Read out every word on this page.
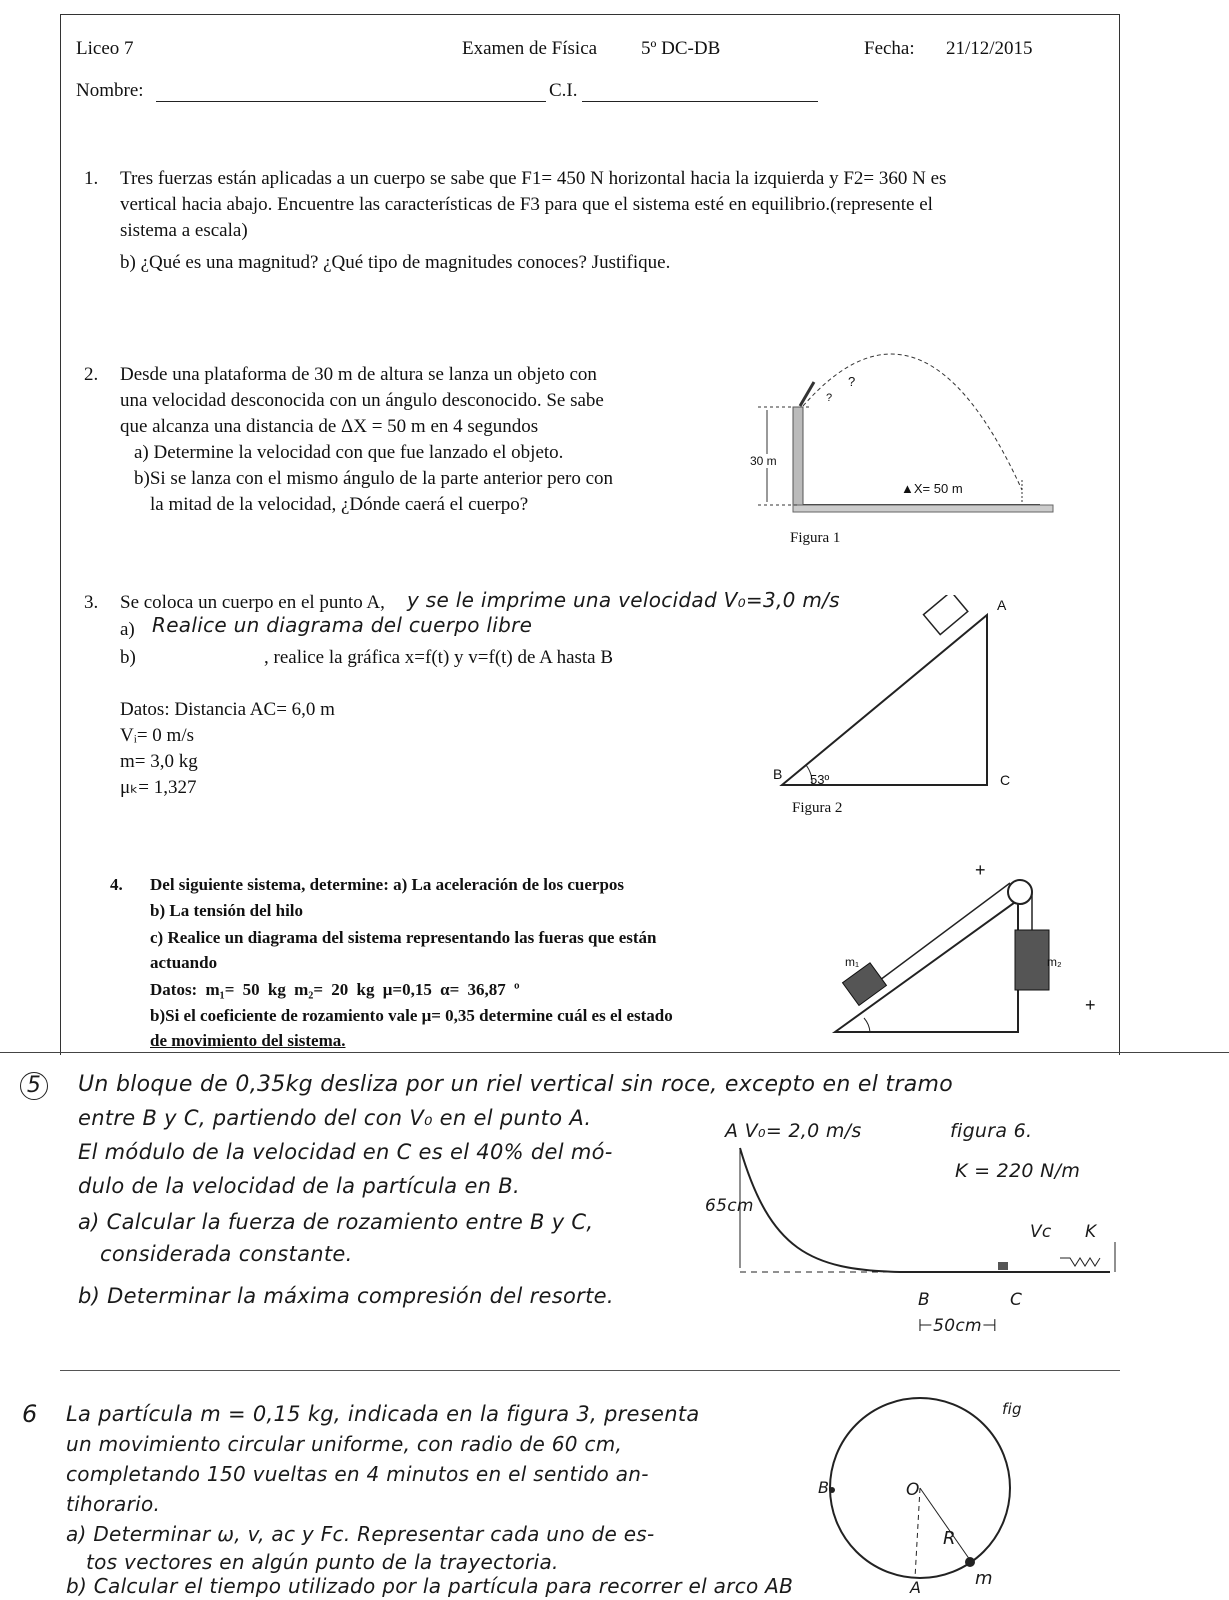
Liceo 7	Examen de Física 5º DC-DB	Fecha: 21/12/2015
Nombre:	C.I.
1. Tres fuerzas están aplicadas a un cuerpo se sabe que F1= 450 N horizontal hacia la izquierda y F2= 360 N es
vertical hacia abajo. Encuentre las características de F3 para que el sistema esté en equilibrio.(represente el
sistema a escala)
b) ¿Qué es una magnitud? ¿Qué tipo de magnitudes conoces? Justifique.
2. Desde una plataforma de 30 m de altura se lanza un objeto con
una velocidad desconocida con un ángulo desconocido. Se sabe
que alcanza una distancia de ΔX = 50 m en 4 segundos
a) Determine la velocidad con que fue lanzado el objeto.
b)Si se lanza con el mismo ángulo de la parte anterior pero con
la mitad de la velocidad, ¿Dónde caerá el cuerpo?
30 m
▲X= 50 m
?
?
Figura 1
3. Se coloca un cuerpo en el punto A, y se le imprime una velocidad V₀=3,0 m/s
a) Realice un diagrama del cuerpo libre
b)	, realice la gráfica x=f(t) y v=f(t) de A hasta B
Datos: Distancia AC= 6,0 m
Vᵢ= 0 m/s
m= 3,0 kg
μₖ= 1,327
A
B	C
53º
Figura 2
4. Del siguiente sistema, determine: a) La aceleración de los cuerpos
b) La tensión del hilo
c) Realice un diagrama del sistema representando las fueras que están
actuando
Datos: m₁= 50 kg m₂= 20 kg μ=0,15 α= 36,87 º
b)Si el coeficiente de rozamiento vale μ= 0,35 determine cuál es el estado
de movimiento del sistema.
m₁	m₂
+
+
5	Un bloque de 0,35kg desliza por un riel vertical sin roce, excepto en el tramo
entre B y C, partiendo del con V₀ en el punto A.
El módulo de la velocidad en C es el 40% del mó-
dulo de la velocidad de la partícula en B.
a) Calcular la fuerza de rozamiento entre B y C,
considerada constante.
b) Determinar la máxima compresión del resorte.
A V₀= 2,0 m/s	figura 6.
K = 220 N/m
65cm
Vc K
B	C
⊢50cm⊣
6 La partícula m = 0,15 kg, indicada en la figura 3, presenta
un movimiento circular uniforme, con radio de 60 cm,
completando 150 vueltas en 4 minutos en el sentido an-
tihorario.
a) Determinar ω, v, ac y Fc. Representar cada uno de es-
tos vectores en algún punto de la trayectoria.
b) Calcular el tiempo utilizado por la partícula para recorrer el arco AB
fig
O
R
B
A	m
